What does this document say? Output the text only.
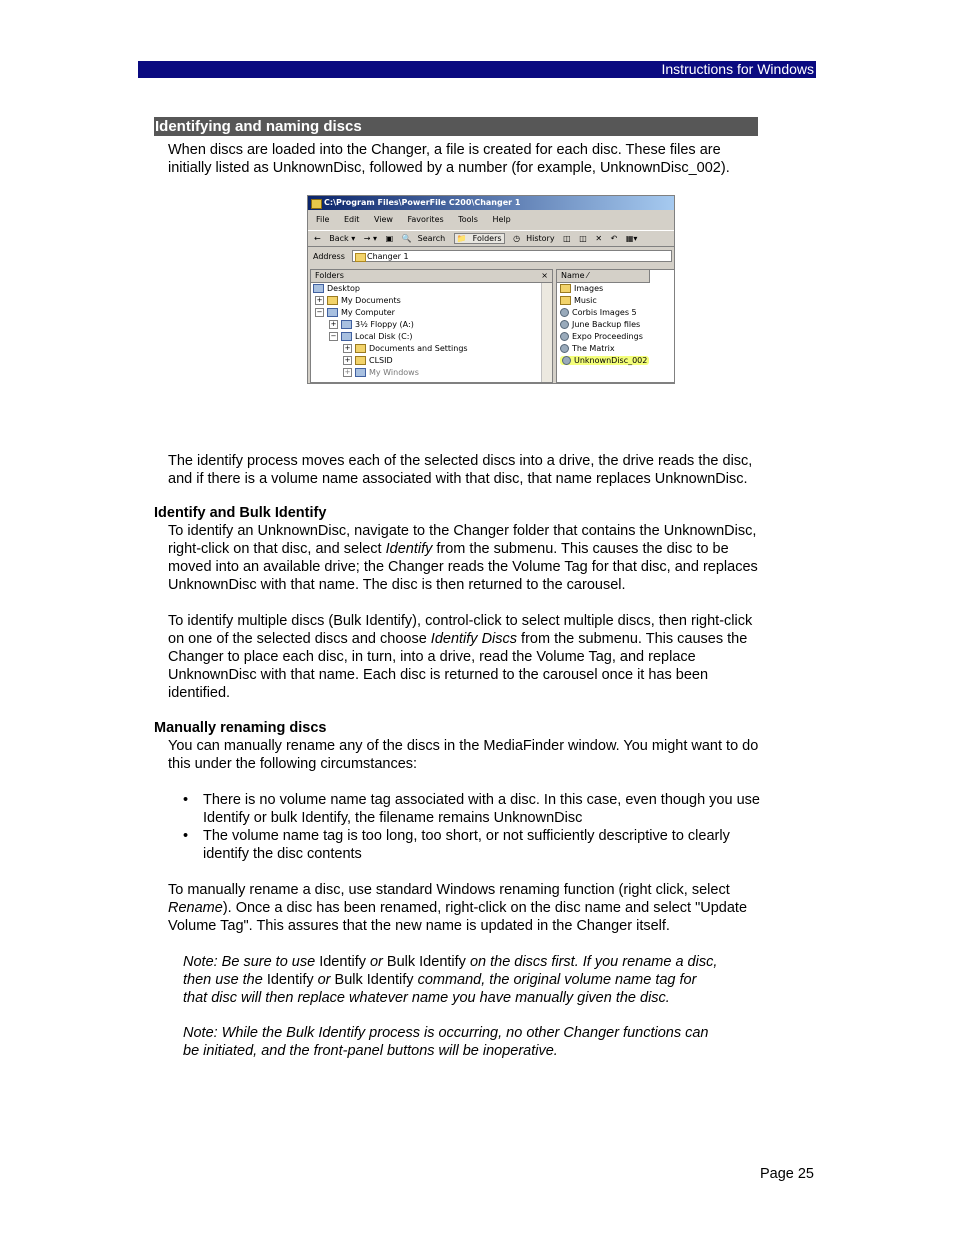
Instructions for Windows
Identifying and naming discs

When discs are loaded into the Changer, a file is created for each disc. These files are

initially listed as UnknownDisc, followed by a number (for example, UnknownDisc_002).

C:\Program Files\PowerFile C200\Changer 1
File Edit View Favorites Tools Help
← Back ▾ → ▾ ▣ 🔍 Search 📁 Folders ◷ History ◫ ◫ ✕ ↶ ▦▾
Address	Changer 1
Folders	×
Desktop
+ My Documents
− My Computer
+ 3½ Floppy (A:)
− Local Disk (C:)
+ Documents and Settings
+ CLSID
+ My Windows
Name ⁄
Images
Music
Corbis Images 5
June Backup files
Expo Proceedings
The Matrix
UnknownDisc_002

The identify process moves each of the selected discs into a drive, the drive reads the disc,

and if there is a volume name associated with that disc, that name replaces UnknownDisc.

Identify and Bulk Identify

To identify an UnknownDisc, navigate to the Changer folder that contains the UnknownDisc,

right-click on that disc, and select Identify from the submenu. This causes the disc to be

moved into an available drive; the Changer reads the Volume Tag for that disc, and replaces

UnknownDisc with that name. The disc is then returned to the carousel.

To identify multiple discs (Bulk Identify), control-click to select multiple discs, then right-click

on one of the selected discs and choose Identify Discs from the submenu. This causes the

Changer to place each disc, in turn, into a drive, read the Volume Tag, and replace

UnknownDisc with that name. Each disc is returned to the carousel once it has been

identified.

Manually renaming discs

You can manually rename any of the discs in the MediaFinder window. You might want to do

this under the following circumstances:

• There is no volume name tag associated with a disc. In this case, even though you use
Identify or bulk Identify, the filename remains UnknownDisc
• The volume name tag is too long, too short, or not sufficiently descriptive to clearly
identify the disc contents

To manually rename a disc, use standard Windows renaming function (right click, select

Rename). Once a disc has been renamed, right-click on the disc name and select "Update

Volume Tag". This assures that the new name is updated in the Changer itself.

Note: Be sure to use Identify or Bulk Identify on the discs first. If you rename a disc,

then use the Identify or Bulk Identify command, the original volume name tag for

that disc will then replace whatever name you have manually given the disc.

Note: While the Bulk Identify process is occurring, no other Changer functions can

be initiated, and the front-panel buttons will be inoperative.

Page 25
